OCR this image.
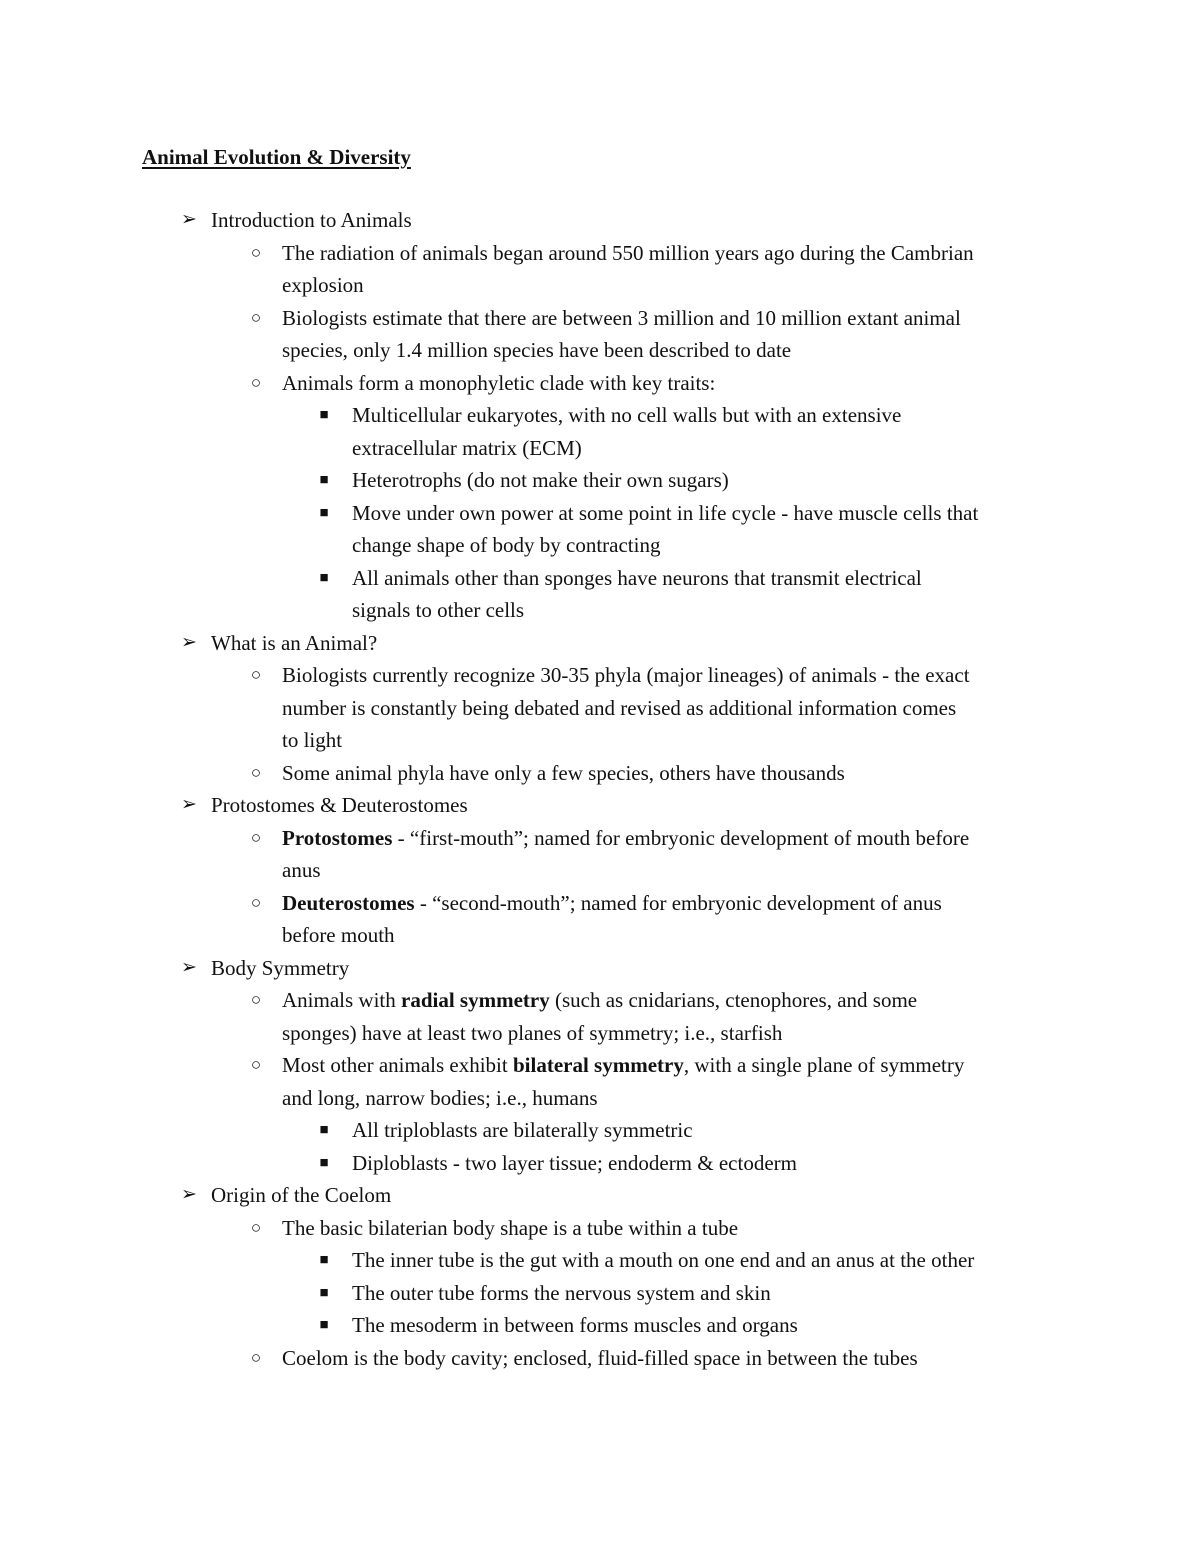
Animal Evolution & Diversity
➢ Introduction to Animals
○ The radiation of animals began around 550 million years ago during the Cambrian
explosion
○ Biologists estimate that there are between 3 million and 10 million extant animal
species, only 1.4 million species have been described to date
○ Animals form a monophyletic clade with key traits:
■ Multicellular eukaryotes, with no cell walls but with an extensive
extracellular matrix (ECM)
■ Heterotrophs (do not make their own sugars)
■ Move under own power at some point in life cycle - have muscle cells that
change shape of body by contracting
■ All animals other than sponges have neurons that transmit electrical
signals to other cells
➢ What is an Animal?
○ Biologists currently recognize 30-35 phyla (major lineages) of animals - the exact
number is constantly being debated and revised as additional information comes
to light
○ Some animal phyla have only a few species, others have thousands
➢ Protostomes & Deuterostomes
○ Protostomes - “first-mouth”; named for embryonic development of mouth before
anus
○ Deuterostomes - “second-mouth”; named for embryonic development of anus
before mouth
➢ Body Symmetry
○ Animals with radial symmetry (such as cnidarians, ctenophores, and some
sponges) have at least two planes of symmetry; i.e., starfish
○ Most other animals exhibit bilateral symmetry, with a single plane of symmetry
and long, narrow bodies; i.e., humans
■ All triploblasts are bilaterally symmetric
■ Diploblasts - two layer tissue; endoderm & ectoderm
➢ Origin of the Coelom
○ The basic bilaterian body shape is a tube within a tube
■ The inner tube is the gut with a mouth on one end and an anus at the other
■ The outer tube forms the nervous system and skin
■ The mesoderm in between forms muscles and organs
○ Coelom is the body cavity; enclosed, fluid-filled space in between the tubes
